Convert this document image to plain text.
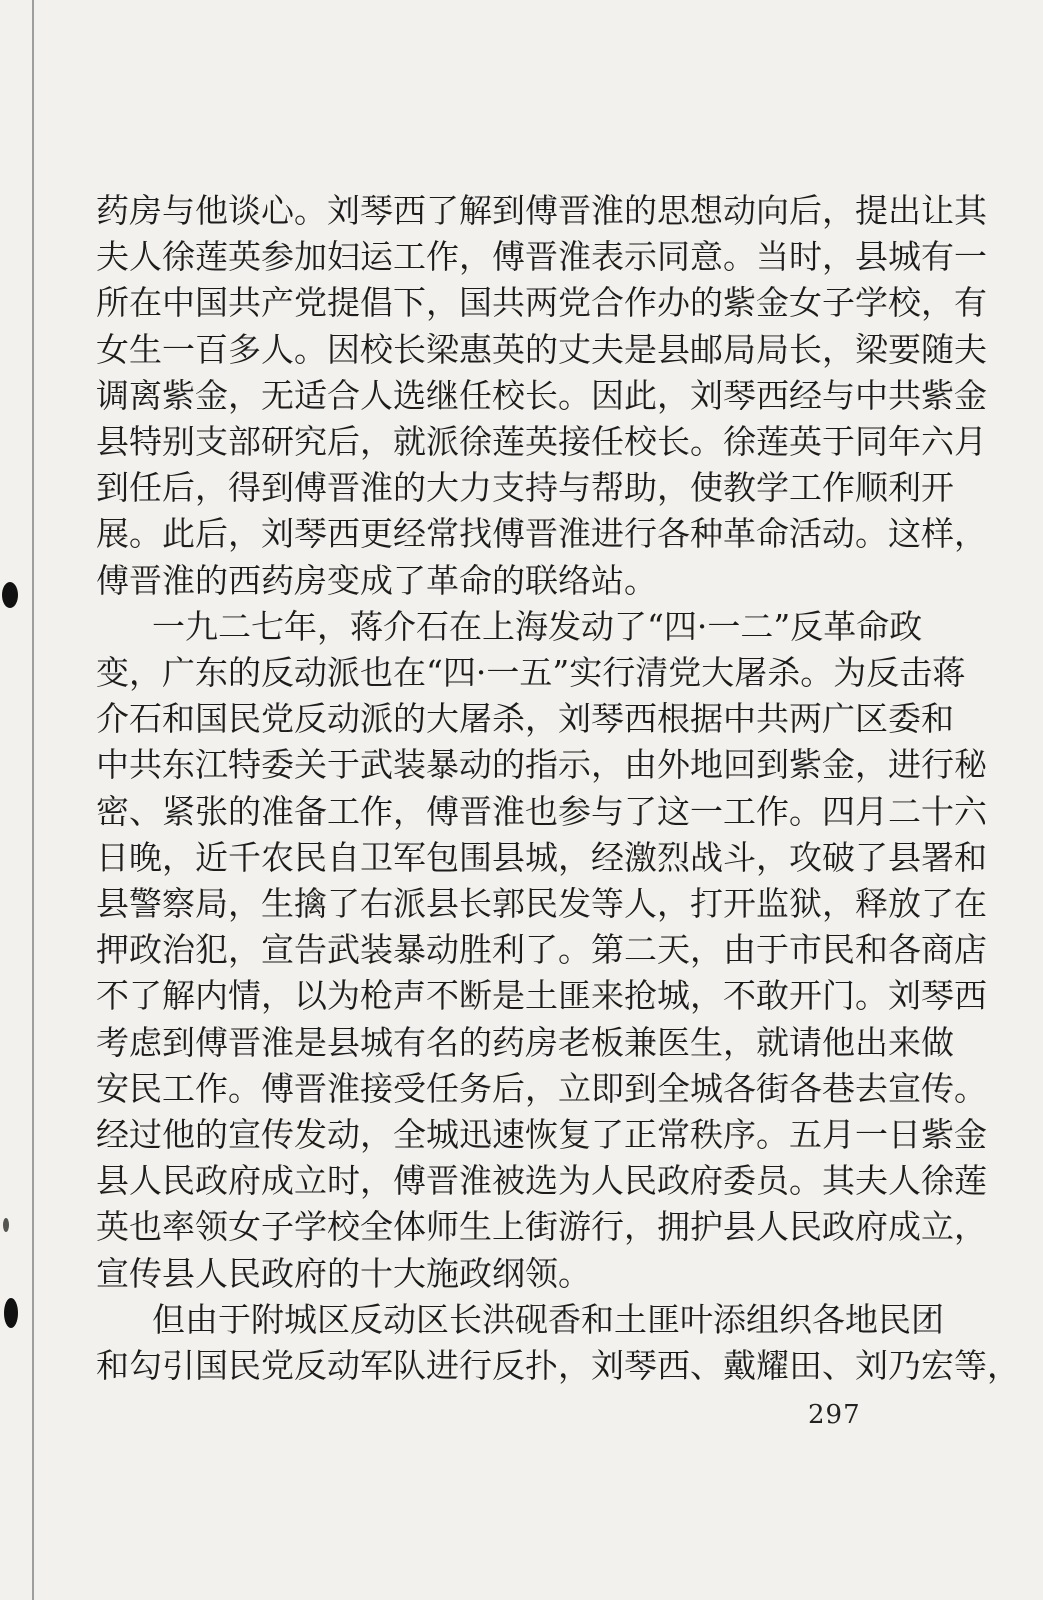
药房与他谈心。刘琴西了解到傅晋淮的思想动向后，提出让其
夫人徐莲英参加妇运工作，傅晋淮表示同意。当时，县城有一
所在中国共产党提倡下，国共两党合作办的紫金女子学校，有
女生一百多人。因校长梁惠英的丈夫是县邮局局长，梁要随夫
调离紫金，无适合人选继任校长。因此，刘琴西经与中共紫金
县特别支部研究后，就派徐莲英接任校长。徐莲英于同年六月
到任后，得到傅晋淮的大力支持与帮助，使教学工作顺利开
展。此后，刘琴西更经常找傅晋淮进行各种革命活动。这样，
傅晋淮的西药房变成了革命的联络站。
一九二七年，蒋介石在上海发动了“四·一二”反革命政
变，广东的反动派也在“四·一五”实行清党大屠杀。为反击蒋
介石和国民党反动派的大屠杀，刘琴西根据中共两广区委和
中共东江特委关于武装暴动的指示，由外地回到紫金，进行秘
密、紧张的准备工作，傅晋淮也参与了这一工作。四月二十六
日晚，近千农民自卫军包围县城，经激烈战斗，攻破了县署和
县警察局，生擒了右派县长郭民发等人，打开监狱，释放了在
押政治犯，宣告武装暴动胜利了。第二天，由于市民和各商店
不了解内情，以为枪声不断是土匪来抢城，不敢开门。刘琴西
考虑到傅晋淮是县城有名的药房老板兼医生，就请他出来做
安民工作。傅晋淮接受任务后，立即到全城各街各巷去宣传。
经过他的宣传发动，全城迅速恢复了正常秩序。五月一日紫金
县人民政府成立时，傅晋淮被选为人民政府委员。其夫人徐莲
英也率领女子学校全体师生上街游行，拥护县人民政府成立，
宣传县人民政府的十大施政纲领。
但由于附城区反动区长洪砚香和土匪叶添组织各地民团
和勾引国民党反动军队进行反扑，刘琴西、戴耀田、刘乃宏等，
297
